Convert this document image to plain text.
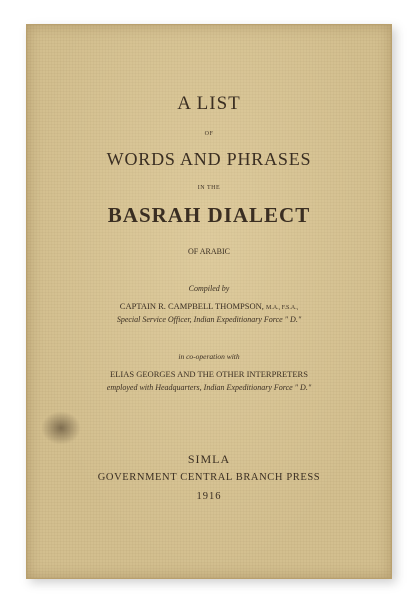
A LIST
OF
WORDS AND PHRASES
IN THE
BASRAH DIALECT
OF ARABIC
Compiled by
CAPTAIN R. CAMPBELL THOMPSON, M.A., F.S.A.,
Special Service Officer, Indian Expeditionary Force " D."
in co-operation with
ELIAS GEORGES AND THE OTHER INTERPRETERS
employed with Headquarters, Indian Expeditionary Force " D."
SIMLA
GOVERNMENT CENTRAL BRANCH PRESS
1916
